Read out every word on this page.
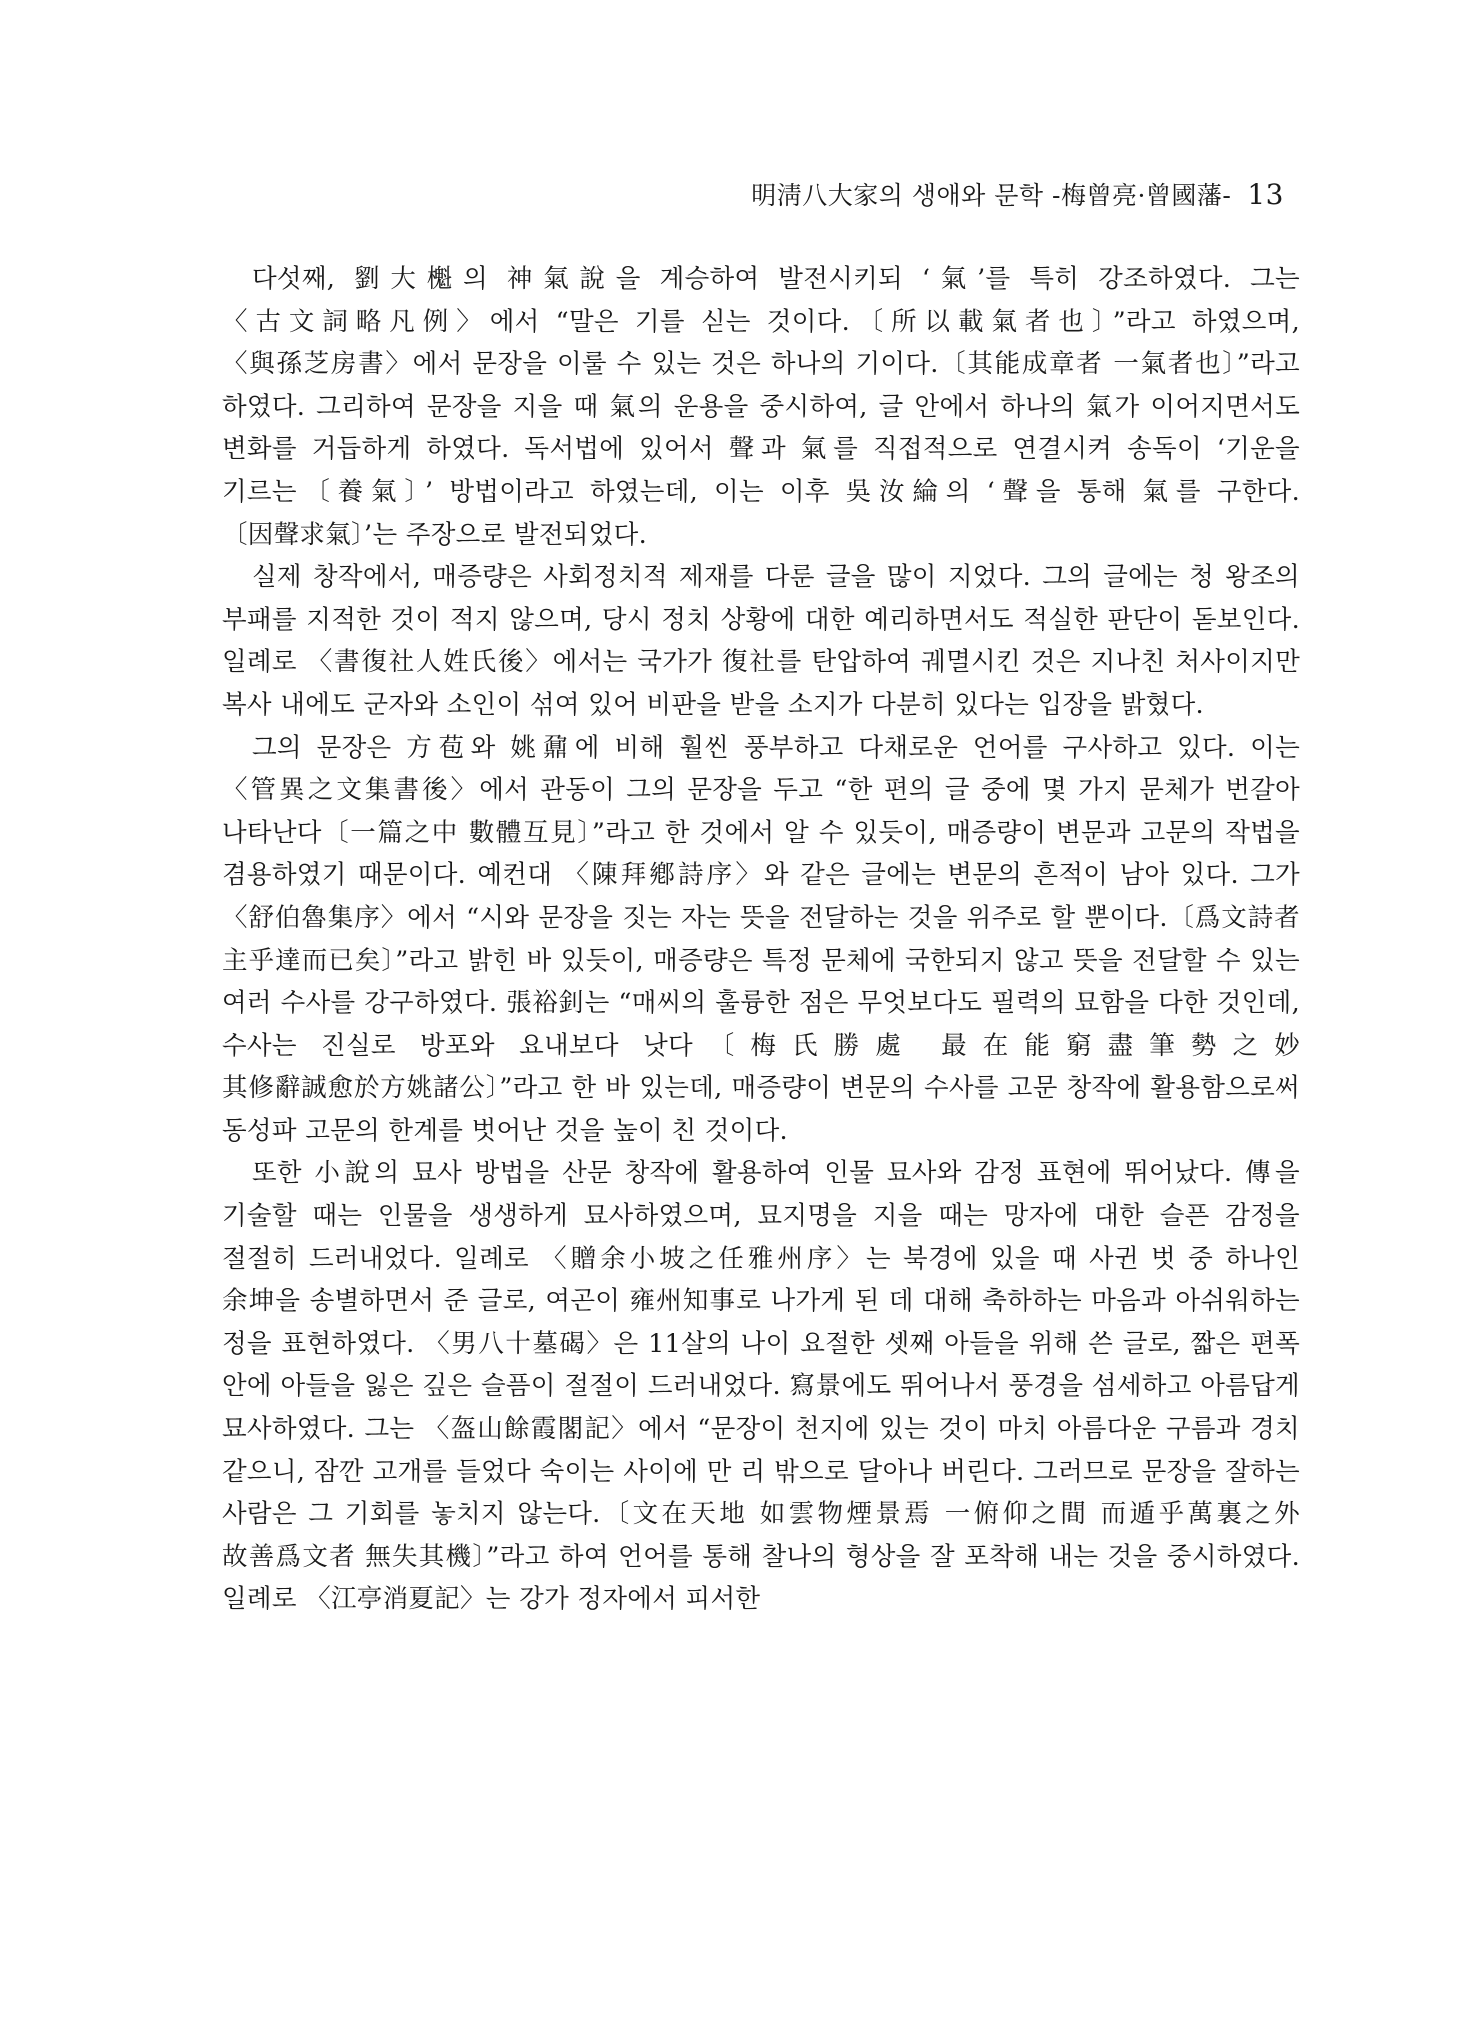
明淸八大家의 생애와 문학 -梅曾亮·曾國藩- 13

다섯째, 劉大櫆의 神氣說을 계승하여 발전시키되 ‘氣’를 특히 강조하였다. 그는 〈古文詞略凡例〉에서 “말은 기를 싣는 것이다.〔所以載氣者也〕”라고 하였으며, 〈與孫芝房書〉에서 문장을 이룰 수 있는 것은 하나의 기이다.〔其能成章者 一氣者也〕”라고 하였다. 그리하여 문장을 지을 때 氣의 운용을 중시하여, 글 안에서 하나의 氣가 이어지면서도 변화를 거듭하게 하였다. 독서법에 있어서 聲과 氣를 직접적으로 연결시켜 송독이 ‘기운을 기르는〔養氣〕’ 방법이라고 하였는데, 이는 이후 吳汝綸의 ‘聲을 통해 氣를 구한다.〔因聲求氣〕’는 주장으로 발전되었다.

실제 창작에서, 매증량은 사회정치적 제재를 다룬 글을 많이 지었다. 그의 글에는 청 왕조의 부패를 지적한 것이 적지 않으며, 당시 정치 상황에 대한 예리하면서도 적실한 판단이 돋보인다. 일례로 〈書復社人姓氏後〉에서는 국가가 復社를 탄압하여 궤멸시킨 것은 지나친 처사이지만 복사 내에도 군자와 소인이 섞여 있어 비판을 받을 소지가 다분히 있다는 입장을 밝혔다.

그의 문장은 方苞와 姚鼐에 비해 훨씬 풍부하고 다채로운 언어를 구사하고 있다. 이는 〈管異之文集書後〉에서 관동이 그의 문장을 두고 “한 편의 글 중에 몇 가지 문체가 번갈아 나타난다〔一篇之中 數體互見〕”라고 한 것에서 알 수 있듯이, 매증량이 변문과 고문의 작법을 겸용하였기 때문이다. 예컨대 〈陳拜鄕詩序〉와 같은 글에는 변문의 흔적이 남아 있다. 그가 〈舒伯魯集序〉에서 “시와 문장을 짓는 자는 뜻을 전달하는 것을 위주로 할 뿐이다.〔爲文詩者 主乎達而已矣〕”라고 밝힌 바 있듯이, 매증량은 특정 문체에 국한되지 않고 뜻을 전달할 수 있는 여러 수사를 강구하였다. 張裕釗는 “매씨의 훌륭한 점은 무엇보다도 필력의 묘함을 다한 것인데, 수사는 진실로 방포와 요내보다 낫다〔梅氏勝處 最在能窮盡筆勢之妙 其修辭誠愈於方姚諸公〕”라고 한 바 있는데, 매증량이 변문의 수사를 고문 창작에 활용함으로써 동성파 고문의 한계를 벗어난 것을 높이 친 것이다.

또한 小說의 묘사 방법을 산문 창작에 활용하여 인물 묘사와 감정 표현에 뛰어났다. 傳을 기술할 때는 인물을 생생하게 묘사하였으며, 묘지명을 지을 때는 망자에 대한 슬픈 감정을 절절히 드러내었다. 일례로 〈贈余小坡之任雅州序〉는 북경에 있을 때 사귄 벗 중 하나인 余坤을 송별하면서 준 글로, 여곤이 雍州知事로 나가게 된 데 대해 축하하는 마음과 아쉬워하는 정을 표현하였다. 〈男八十墓碣〉은 11살의 나이 요절한 셋째 아들을 위해 쓴 글로, 짧은 편폭 안에 아들을 잃은 깊은 슬픔이 절절이 드러내었다. 寫景에도 뛰어나서 풍경을 섬세하고 아름답게 묘사하였다. 그는 〈盔山餘霞閣記〉에서 “문장이 천지에 있는 것이 마치 아름다운 구름과 경치 같으니, 잠깐 고개를 들었다 숙이는 사이에 만 리 밖으로 달아나 버린다. 그러므로 문장을 잘하는 사람은 그 기회를 놓치지 않는다.〔文在天地 如雲物煙景焉 一俯仰之間 而遁乎萬裏之外 故善爲文者 無失其機〕”라고 하여 언어를 통해 찰나의 형상을 잘 포착해 내는 것을 중시하였다. 일례로 〈江亭消夏記〉는 강가 정자에서 피서한
